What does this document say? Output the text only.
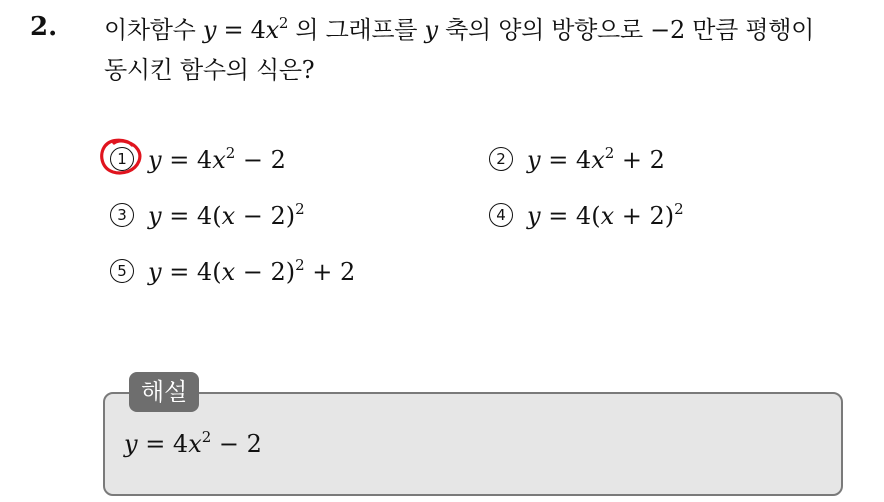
2. 이차함수 $y = 4x^2$ 의 그래프를 y 축의 양의 방향으로 −2 만큼 평행이
동시킨 함수의 식은?
1 $y = 4x^2 - 2$	2 $y = 4x^2 + 2$
3 $y = 4(x - 2)^2$	4 $y = 4(x + 2)^2$
5 $y = 4(x - 2)^2 + 2$
해설
$y = 4x^2 - 2$
